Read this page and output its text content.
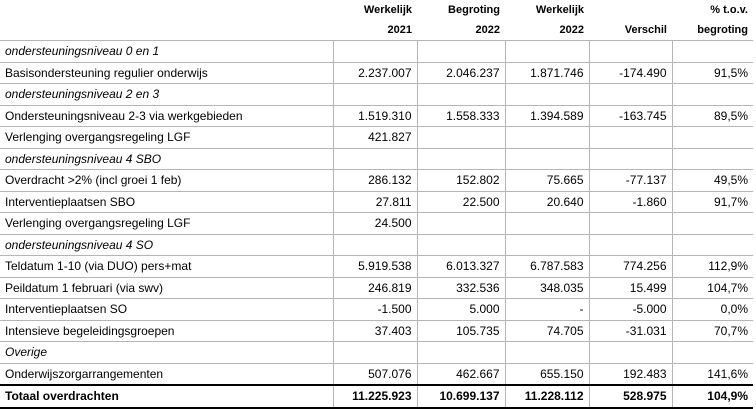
	Werkelijk	Begroting	Werkelijk		% t.o.v.
	2021	2022	2022	Verschil	begroting
ondersteuningsniveau 0 en 1					
Basisondersteuning regulier onderwijs	2.237.007	2.046.237	1.871.746	-174.490	91,5%
ondersteuningsniveau 2 en 3					
Ondersteuningsniveau 2-3 via werkgebieden	1.519.310	1.558.333	1.394.589	-163.745	89,5%
Verlenging overgangsregeling LGF	421.827				
ondersteuningsniveau 4 SBO					
Overdracht >2% (incl groei 1 feb)	286.132	152.802	75.665	-77.137	49,5%
Interventieplaatsen SBO	27.811	22.500	20.640	-1.860	91,7%
Verlenging overgangsregeling LGF	24.500				
ondersteuningsniveau 4 SO					
Teldatum 1-10 (via DUO) pers+mat	5.919.538	6.013.327	6.787.583	774.256	112,9%
Peildatum 1 februari (via swv)	246.819	332.536	348.035	15.499	104,7%
Interventieplaatsen SO	-1.500	5.000	-	-5.000	0,0%
Intensieve begeleidingsgroepen	37.403	105.735	74.705	-31.031	70,7%
Overige					
Onderwijszorgarrangementen	507.076	462.667	655.150	192.483	141,6%
Totaal overdrachten	11.225.923	10.699.137	11.228.112	528.975	104,9%
